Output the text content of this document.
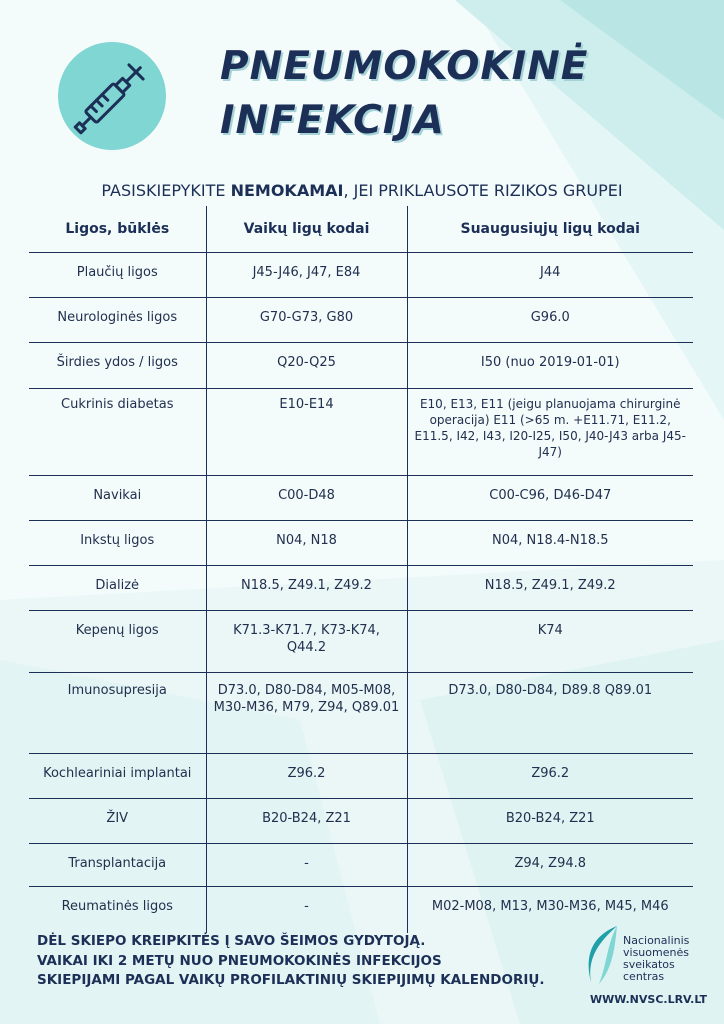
PNEUMOKOKINĖ
INFEKCIJA
PASISKIEPYKITE NEMOKAMAI, JEI PRIKLAUSOTE RIZIKOS GRUPEI
Ligos, būklės	Vaikų ligų kodai	Suaugusiųjų ligų kodai
Plaučių ligos	J45-J46, J47, E84	J44
Neurologinės ligos	G70-G73, G80	G96.0
Širdies ydos / ligos	Q20-Q25	I50 (nuo 2019-01-01)
Cukrinis diabetas	E10-E14	E10, E13, E11 (jeigu planuojama chirurginė operacija) E11 (>65 m. +E11.71, E11.2, E11.5, I42, I43, I20-I25, I50, J40-J43 arba J45-J47)
Navikai	C00-D48	C00-C96, D46-D47
Inkstų ligos	N04, N18	N04, N18.4-N18.5
Dializė	N18.5, Z49.1, Z49.2	N18.5, Z49.1, Z49.2
Kepenų ligos	K71.3-K71.7, K73-K74, Q44.2	K74
Imunosupresija	D73.0, D80-D84, M05-M08, M30-M36, M79, Z94, Q89.01	D73.0, D80-D84, D89.8 Q89.01
Kochleariniai implantai	Z96.2	Z96.2
ŽIV	B20-B24, Z21	B20-B24, Z21
Transplantacija	-	Z94, Z94.8
Reumatinės ligos	-	M02-M08, M13, M30-M36, M45, M46
DĖL SKIEPO KREIPKITĖS Į SAVO ŠEIMOS GYDYTOJĄ.
VAIKAI IKI 2 METŲ NUO PNEUMOKOKINĖS INFEKCIJOS
SKIEPIJAMI PAGAL VAIKŲ PROFILAKTINIŲ SKIEPIJIMŲ KALENDORIŲ.
Nacionalinis
visuomenės
sveikatos
centras
WWW.NVSC.LRV.LT
